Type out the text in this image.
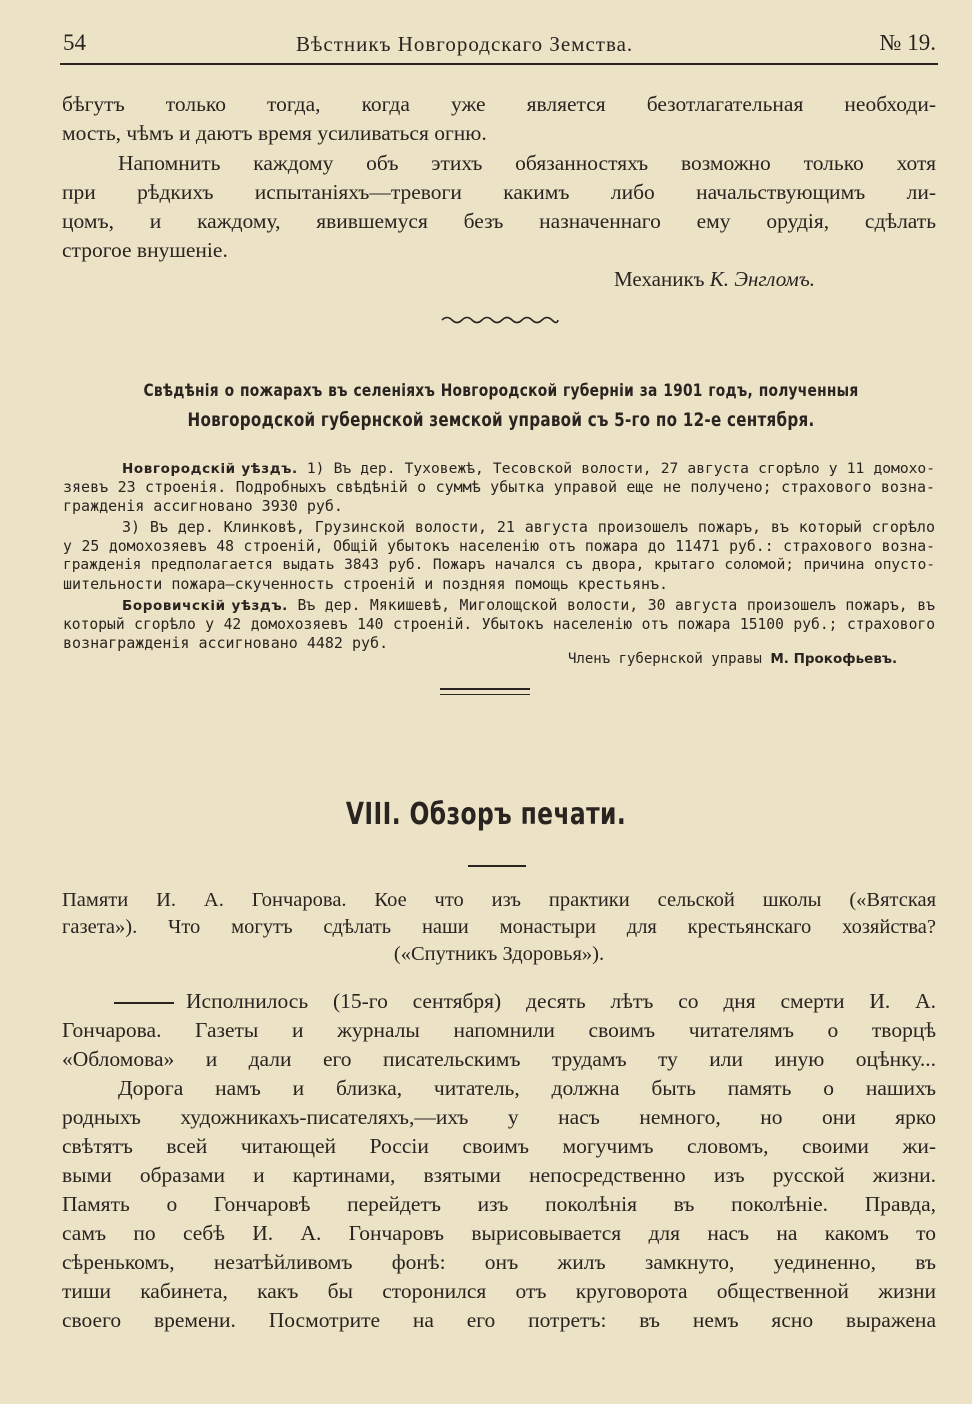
54	Вѣстникъ Новгородскаго Земства.	№ 19.
бѣгутъ только тогда, когда уже является безотлагательная необходи-
мость, чѣмъ и даютъ время усиливаться огню.
Напомнить каждому объ этихъ обязанностяхъ возможно только хотя
при рѣдкихъ испытаніяхъ—тревоги какимъ либо начальствующимъ ли-
цомъ, и каждому, явившемуся безъ назначеннаго ему орудія, сдѣлать
строгое внушеніе.
Механикъ К. Энгломъ.
Свѣдѣнія о пожарахъ въ селеніяхъ Новгородской губерніи за 1901 годъ, полученныя
Новгородской губернской земской управой съ 5-го по 12-е сентября.
Новгородскій уѣздъ. 1) Въ дер. Туховежѣ, Тесовской волости, 27 августа сгорѣло у 11 домохо-
зяевъ 23 строенія. Подробныхъ свѣдѣній о суммѣ убытка управой еще не получено; страхового возна-
гражденія ассигновано 3930 руб.
3) Въ дер. Клинковѣ, Грузинской волости, 21 августа произошелъ пожаръ, въ который сгорѣло
у 25 домохозяевъ 48 строеній, Общій убытокъ населенію отъ пожара до 11471 руб.: страхового возна-
гражденія предполагается выдать 3843 руб. Пожаръ начался съ двора, крытаго соломой; причина опусто-
шительности пожара—скученность строеній и поздняя помощь крестьянъ.
Боровичскій уѣздъ. Въ дер. Мякишевѣ, Миголощской волости, 30 августа произошелъ пожаръ, въ
который сгорѣло у 42 домохозяевъ 140 строеній. Убытокъ населенію отъ пожара 15100 руб.; страхового
вознагражденія ассигновано 4482 руб.
Членъ губернской управы М. Прокофьевъ.
VIII. Обзоръ печати.
Памяти И. А. Гончарова. Кое что изъ практики сельской школы («Вятская
газета»). Что могутъ сдѣлать наши монастыри для крестьянскаго хозяйства?
(«Спутникъ Здоровья»).
Исполнилось (15-го сентября) десять лѣтъ со дня смерти И. А.
Гончарова. Газеты и журналы напомнили своимъ читателямъ о творцѣ
«Обломова» и дали его писательскимъ трудамъ ту или иную оцѣнку...
Дорога намъ и близка, читатель, должна быть память о нашихъ
родныхъ художникахъ-писателяхъ,—ихъ у насъ немного, но они ярко
свѣтятъ всей читающей Россіи своимъ могучимъ словомъ, своими жи-
выми образами и картинами, взятыми непосредственно изъ русской жизни.
Память о Гончаровѣ перейдетъ изъ поколѣнія въ поколѣніе. Правда,
самъ по себѣ И. А. Гончаровъ вырисовывается для насъ на какомъ то
сѣренькомъ, незатѣйливомъ фонѣ: онъ жилъ замкнуто, уединенно, въ
тиши кабинета, какъ бы сторонился отъ круговорота общественной жизни
своего времени. Посмотрите на его потретъ: въ немъ ясно выражена
